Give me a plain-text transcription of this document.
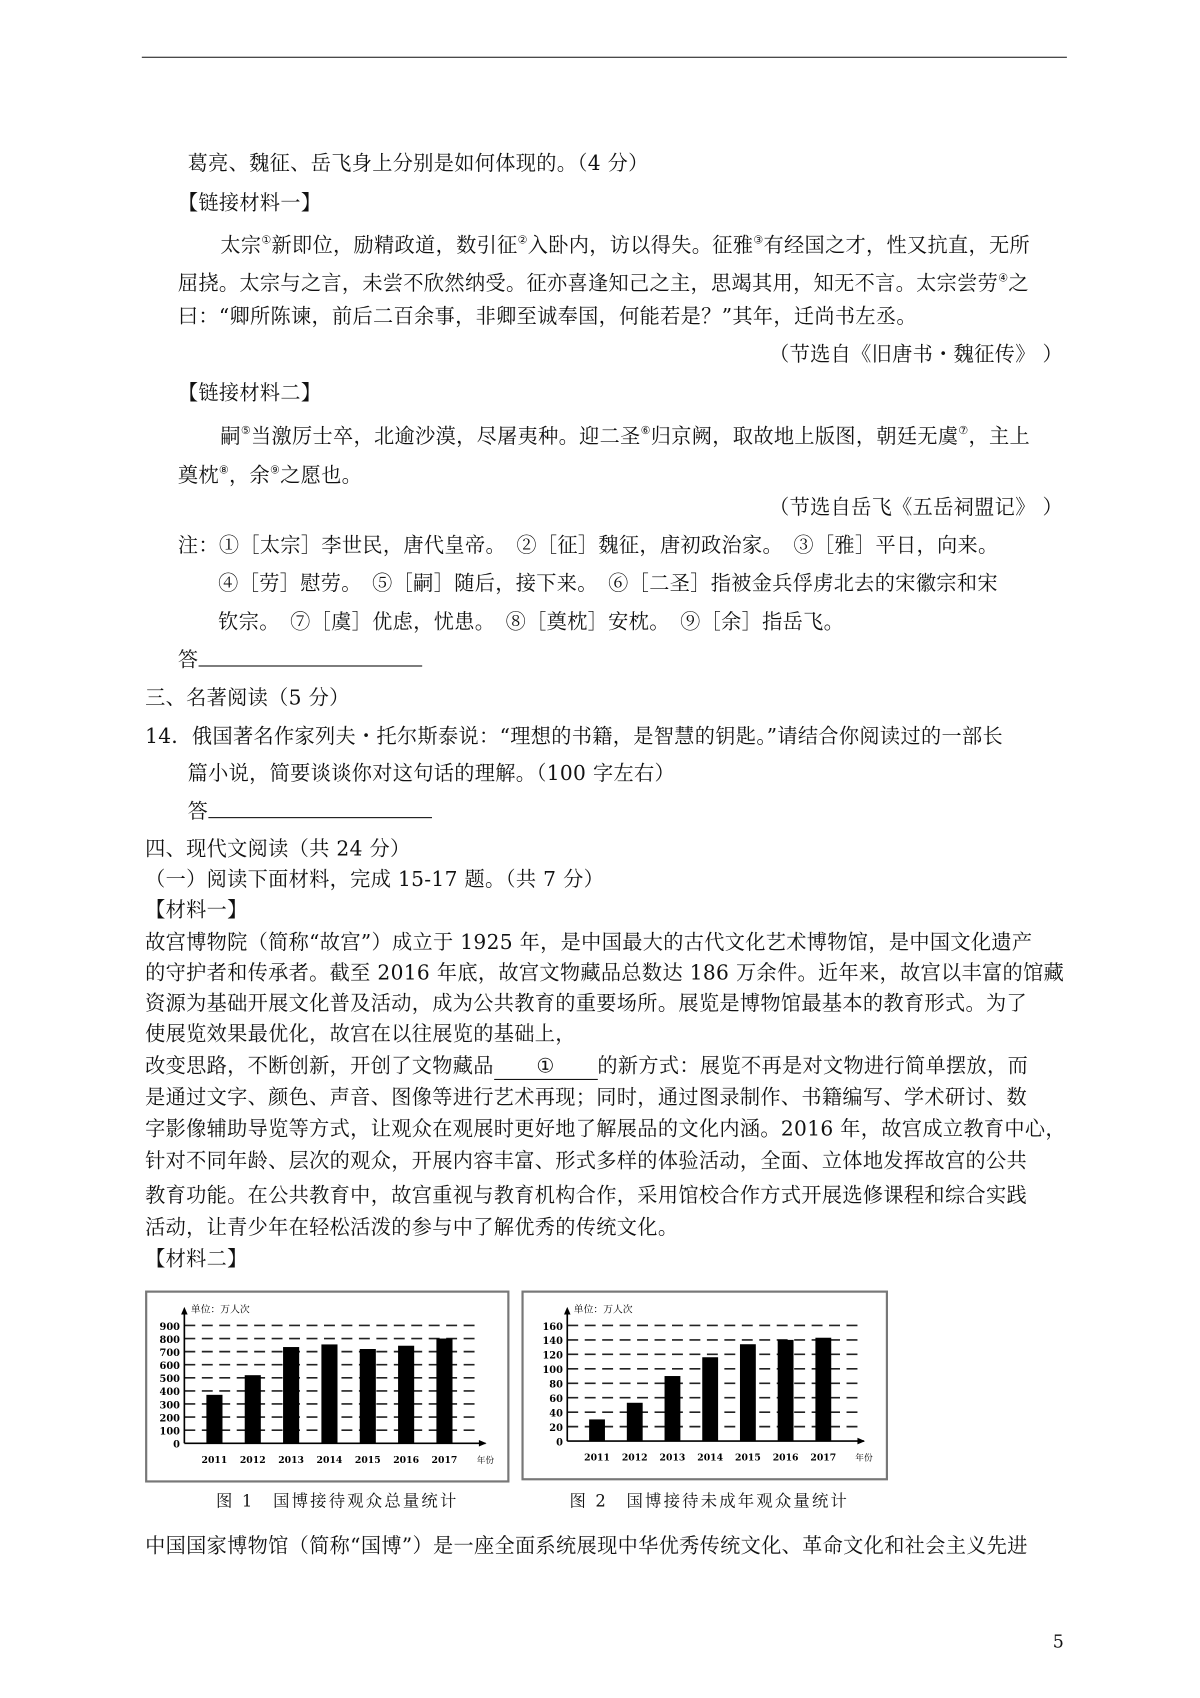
葛亮、魏征、岳飞身上分别是如何体现的。（4 分）
【链接材料一】
太宗①新即位，励精政道，数引征②入卧内，访以得失。征雅③有经国之才，性又抗直，无所
屈挠。太宗与之言，未尝不欣然纳受。征亦喜逢知己之主，思竭其用，知无不言。太宗尝劳④之
曰：“卿所陈谏，前后二百余事，非卿至诚奉国，何能若是？”其年，迁尚书左丞。
（节选自《旧唐书・魏征传》 ）
【链接材料二】
嗣⑤当激厉士卒，北逾沙漠，尽屠夷种。迎二圣⑥归京阙，取故地上版图，朝廷无虞⑦，主上
奠枕⑧，余⑨之愿也。
（节选自岳飞《五岳祠盟记》 ）
注：①［太宗］李世民，唐代皇帝。　②［征］魏征，唐初政治家。　③［雅］平日，向来。
④［劳］慰劳。　⑤［嗣］随后，接下来。　⑥［二圣］指被金兵俘虏北去的宋徽宗和宋
钦宗。　⑦［虞］优虑，忧患。　⑧［奠枕］安枕。　⑨［余］指岳飞。
答
三、名著阅读（5 分）
14．俄国著名作家列夫・托尔斯泰说：“理想的书籍，是智慧的钥匙。”请结合你阅读过的一部长
篇小说，简要谈谈你对这句话的理解。（100 字左右）
答
四、现代文阅读（共 24 分）
（一）阅读下面材料，完成 15-17 题。（共 7 分）
【材料一】
故宫博物院（简称“故宫”）成立于 1925 年，是中国最大的古代文化艺术博物馆，是中国文化遗产
的守护者和传承者。截至 2016 年底，故宫文物藏品总数达 186 万余件。近年来，故宫以丰富的馆藏
资源为基础开展文化普及活动，成为公共教育的重要场所。展览是博物馆最基本的教育形式。为了
使展览效果最优化，故宫在以往展览的基础上，
改变思路，不断创新，开创了文物藏品 ① 的新方式：展览不再是对文物进行简单摆放，而
是通过文字、颜色、声音、图像等进行艺术再现；同时，通过图录制作、书籍编写、学术研讨、数
字影像辅助导览等方式，让观众在观展时更好地了解展品的文化内涵。2016 年，故宫成立教育中心，
针对不同年龄、层次的观众，开展内容丰富、形式多样的体验活动，全面、立体地发挥故宫的公共
教育功能。在公共教育中，故宫重视与教育机构合作，采用馆校合作方式开展选修课程和综合实践
活动，让青少年在轻松活泼的参与中了解优秀的传统文化。
【材料二】
中国国家博物馆（简称“国博”）是一座全面系统展现中华优秀传统文化、革命文化和社会主义先进
0
100
200
300
400
500
600
700
800
900
单位：万人次
年份
2011 2012 2013 2014 2015 2016 2017
0
20
40
60
80
100
120
140
160
单位：万人次
年份
2011 2012 2013 2014 2015 2016 2017
图 1　国博接待观众总量统计	图 2　国博接待未成年观众量统计
5
